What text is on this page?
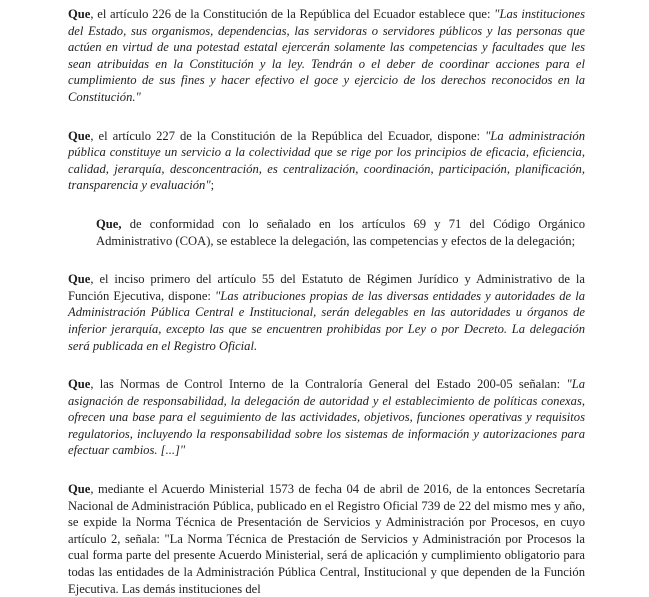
Que, el artículo 226 de la Constitución de la República del Ecuador establece que: "Las instituciones del Estado, sus organismos, dependencias, las servidoras o servidores públicos y las personas que actúen en virtud de una potestad estatal ejercerán solamente las competencias y facultades que les sean atribuidas en la Constitución y la ley. Tendrán o el deber de coordinar acciones para el cumplimiento de sus fines y hacer efectivo el goce y ejercicio de los derechos reconocidos en la Constitución."

Que, el artículo 227 de la Constitución de la República del Ecuador, dispone: "La administración pública constituye un servicio a la colectividad que se rige por los principios de eficacia, eficiencia, calidad, jerarquía, desconcentración, es centralización, coordinación, participación, planificación, transparencia y evaluación";

Que, de conformidad con lo señalado en los artículos 69 y 71 del Código Orgánico Administrativo (COA), se establece la delegación, las competencias y efectos de la delegación;

Que, el inciso primero del artículo 55 del Estatuto de Régimen Jurídico y Administrativo de la Función Ejecutiva, dispone: "Las atribuciones propias de las diversas entidades y autoridades de la Administración Pública Central e Institucional, serán delegables en las autoridades u órganos de inferior jerarquía, excepto las que se encuentren prohibidas por Ley o por Decreto. La delegación será publicada en el Registro Oficial.

Que, las Normas de Control Interno de la Contraloría General del Estado 200-05 señalan: "La asignación de responsabilidad, la delegación de autoridad y el establecimiento de políticas conexas, ofrecen una base para el seguimiento de las actividades, objetivos, funciones operativas y requisitos regulatorios, incluyendo la responsabilidad sobre los sistemas de información y autorizaciones para efectuar cambios. [...]"

Que, mediante el Acuerdo Ministerial 1573 de fecha 04 de abril de 2016, de la entonces Secretaría Nacional de Administración Pública, publicado en el Registro Oficial 739 de 22 del mismo mes y año, se expide la Norma Técnica de Presentación de Servicios y Administración por Procesos, en cuyo artículo 2, señala: "La Norma Técnica de Prestación de Servicios y Administración por Procesos la cual forma parte del presente Acuerdo Ministerial, será de aplicación y cumplimiento obligatorio para todas las entidades de la Administración Pública Central, Institucional y que dependen de la Función Ejecutiva. Las demás instituciones del
